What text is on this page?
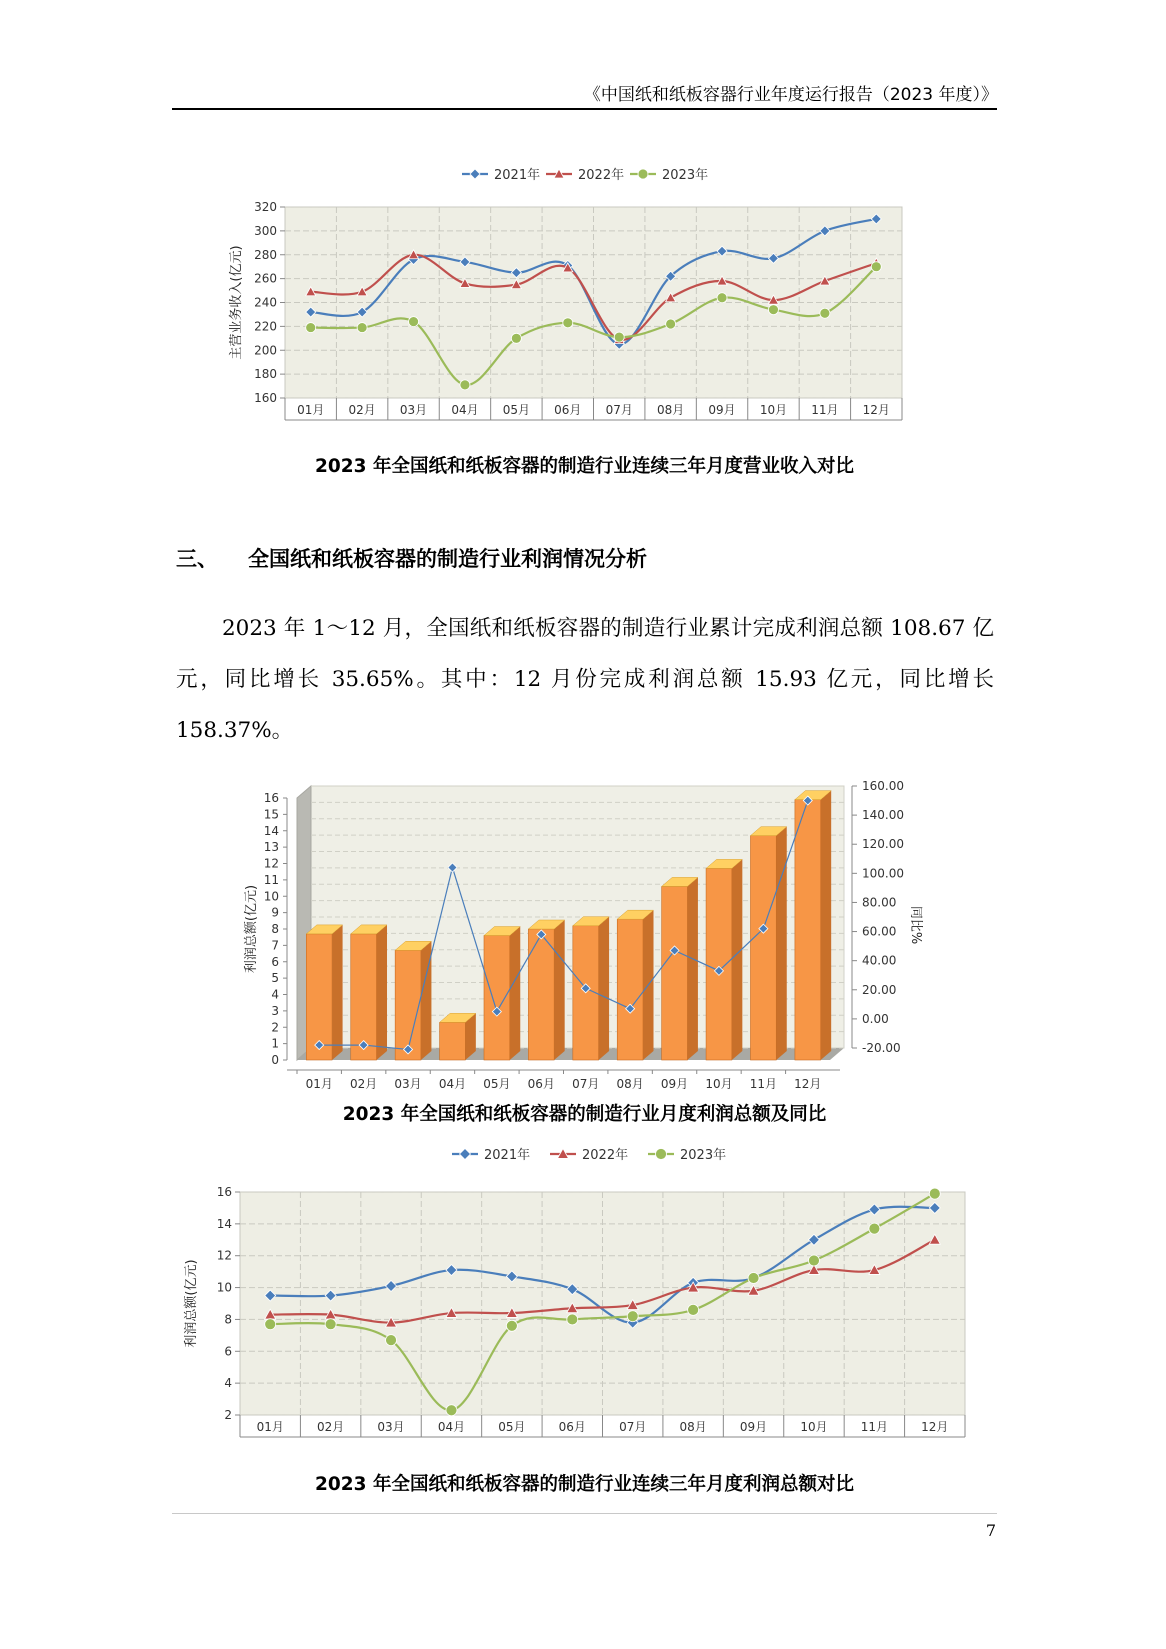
《中国纸和纸板容器行业年度运行报告（2023 年度）》
160
180
200
220
240
260
280
300
320
01月 02月 03月 04月 05月 06月 07月 08月 09月 10月 11月 12月
主营业务收入(亿元)
2021年	2022年	2023年
2023 年全国纸和纸板容器的制造行业连续三年月度营业收入对比
三、 全国纸和纸板容器的制造行业利润情况分析
2023 年 1～12 月，全国纸和纸板容器的制造行业累计完成利润总额 108.67 亿元，同比增长 35.65%。其中：12 月份完成利润总额 15.93 亿元，同比增长 158.37%。
0
1
2
3
4
5
6
7
8
9
10
11
12
13
14
15
16
-20.00
0.00
20.00
40.00
60.00
80.00
100.00
120.00
140.00
160.00
01月 02月 03月 04月 05月 06月 07月 08月 09月 10月 11月 12月
利润总额(亿元)	同比%
2023 年全国纸和纸板容器的制造行业月度利润总额及同比
2
4
6
8
10
12
14
16
01月	02月	03月	04月	05月	06月	07月	08月	09月	10月	11月	12月
利润总额(亿元)
2021年	2022年	2023年
2023 年全国纸和纸板容器的制造行业连续三年月度利润总额对比
7
